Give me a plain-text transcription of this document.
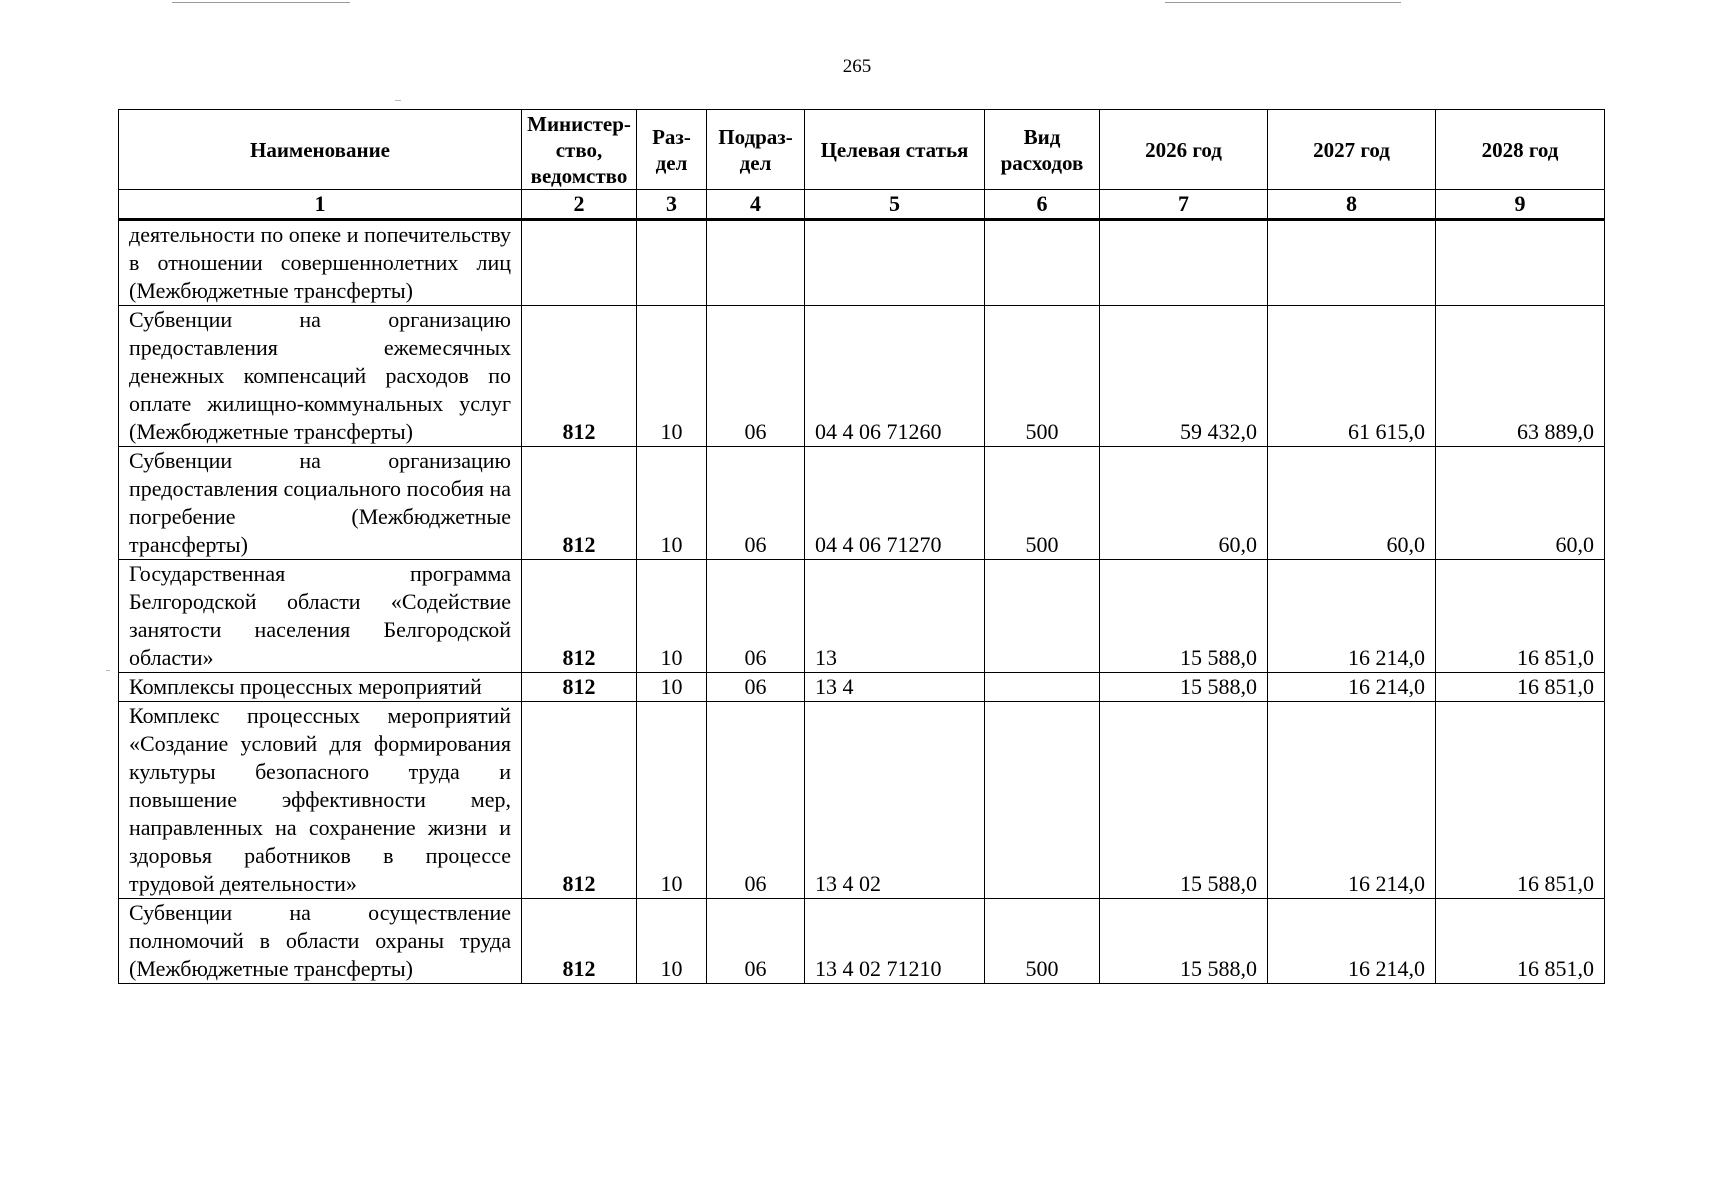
265
Наименование	Министер-ство, ведомство	Раз-дел	Подраз-дел	Целевая статья	Вид расходов	2026 год	2027 год	2028 год
1	2	3	4	5	6	7	8	9
деятельности по опеке и попечительству в отношении совершеннолетних лиц (Межбюджетные трансферты)								
Субвенции на организацию предоставления ежемесячных денежных компенсаций расходов по оплате жилищно-коммунальных услуг (Межбюджетные трансферты)	812	10	06	04 4 06 71260	500	59 432,0	61 615,0	63 889,0
Субвенции на организацию предоставления социального пособия на погребение (Межбюджетные трансферты)	812	10	06	04 4 06 71270	500	60,0	60,0	60,0
Государственная программа Белгородской области «Содействие занятости населения Белгородской области»	812	10	06	13		15 588,0	16 214,0	16 851,0
Комплексы процессных мероприятий	812	10	06	13 4		15 588,0	16 214,0	16 851,0
Комплекс процессных мероприятий «Создание условий для формирования культуры безопасного труда и повышение эффективности мер, направленных на сохранение жизни и здоровья работников в процессе трудовой деятельности»	812	10	06	13 4 02		15 588,0	16 214,0	16 851,0
Субвенции на осуществление полномочий в области охраны труда (Межбюджетные трансферты)	812	10	06	13 4 02 71210	500	15 588,0	16 214,0	16 851,0
